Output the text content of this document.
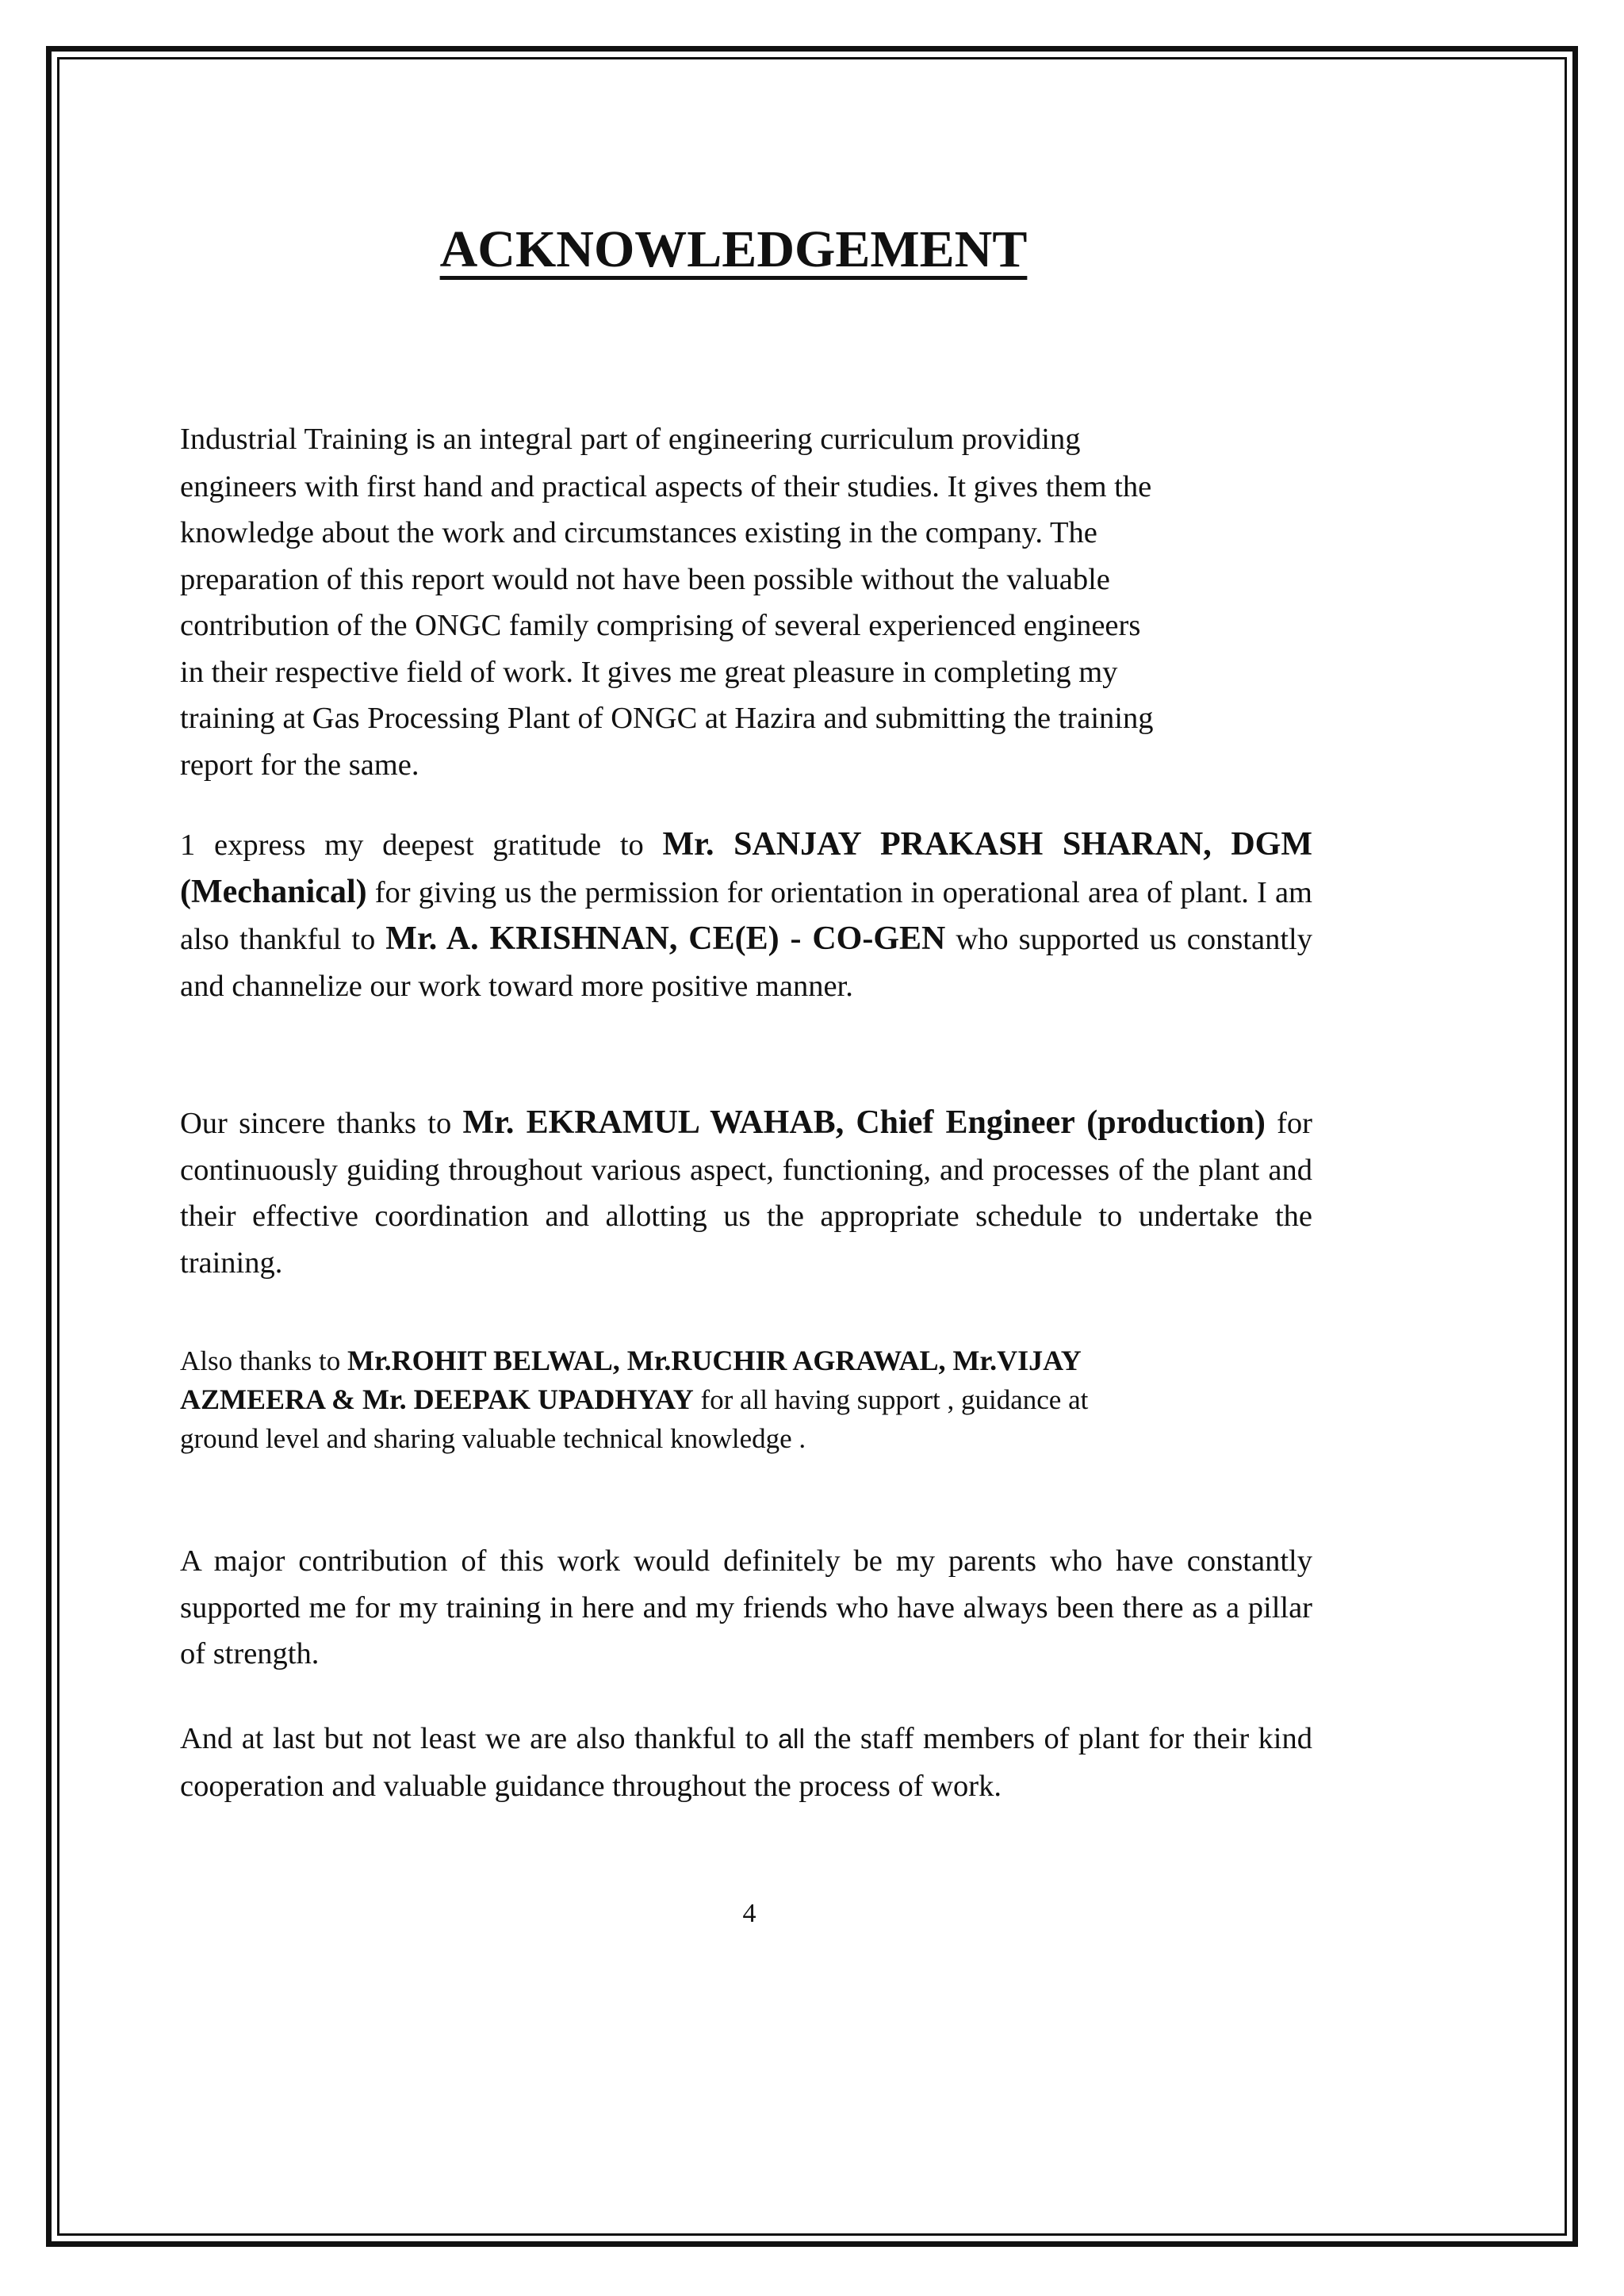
ACKNOWLEDGEMENT
Industrial Training is an integral part of engineering curriculum providing
engineers with first hand and practical aspects of their studies. It gives them the
knowledge about the work and circumstances existing in the company. The
preparation of this report would not have been possible without the valuable
contribution of the ONGC family comprising of several experienced engineers
in their respective field of work. It gives me great pleasure in completing my
training at Gas Processing Plant of ONGC at Hazira and submitting the training
report for the same.

1 express my deepest gratitude to Mr. SANJAY PRAKASH SHARAN, DGM (Mechanical) for giving us the permission for orientation in operational area of plant. I am also thankful to Mr. A. KRISHNAN, CE(E) - CO-GEN who supported us constantly and channelize our work toward more positive manner.

Our sincere thanks to Mr. EKRAMUL WAHAB, Chief Engineer (production) for continuously guiding throughout various aspect, functioning, and processes of the plant and their effective coordination and allotting us the appropriate schedule to undertake the training.

Also thanks to Mr.ROHIT BELWAL, Mr.RUCHIR AGRAWAL, Mr.VIJAY
AZMEERA & Mr. DEEPAK UPADHYAY for all having support , guidance at
ground level and sharing valuable technical knowledge .

A major contribution of this work would definitely be my parents who have constantly supported me for my training in here and my friends who have always been there as a pillar of strength.

And at last but not least we are also thankful to all the staff members of plant for their kind cooperation and valuable guidance throughout the process of work.

4
